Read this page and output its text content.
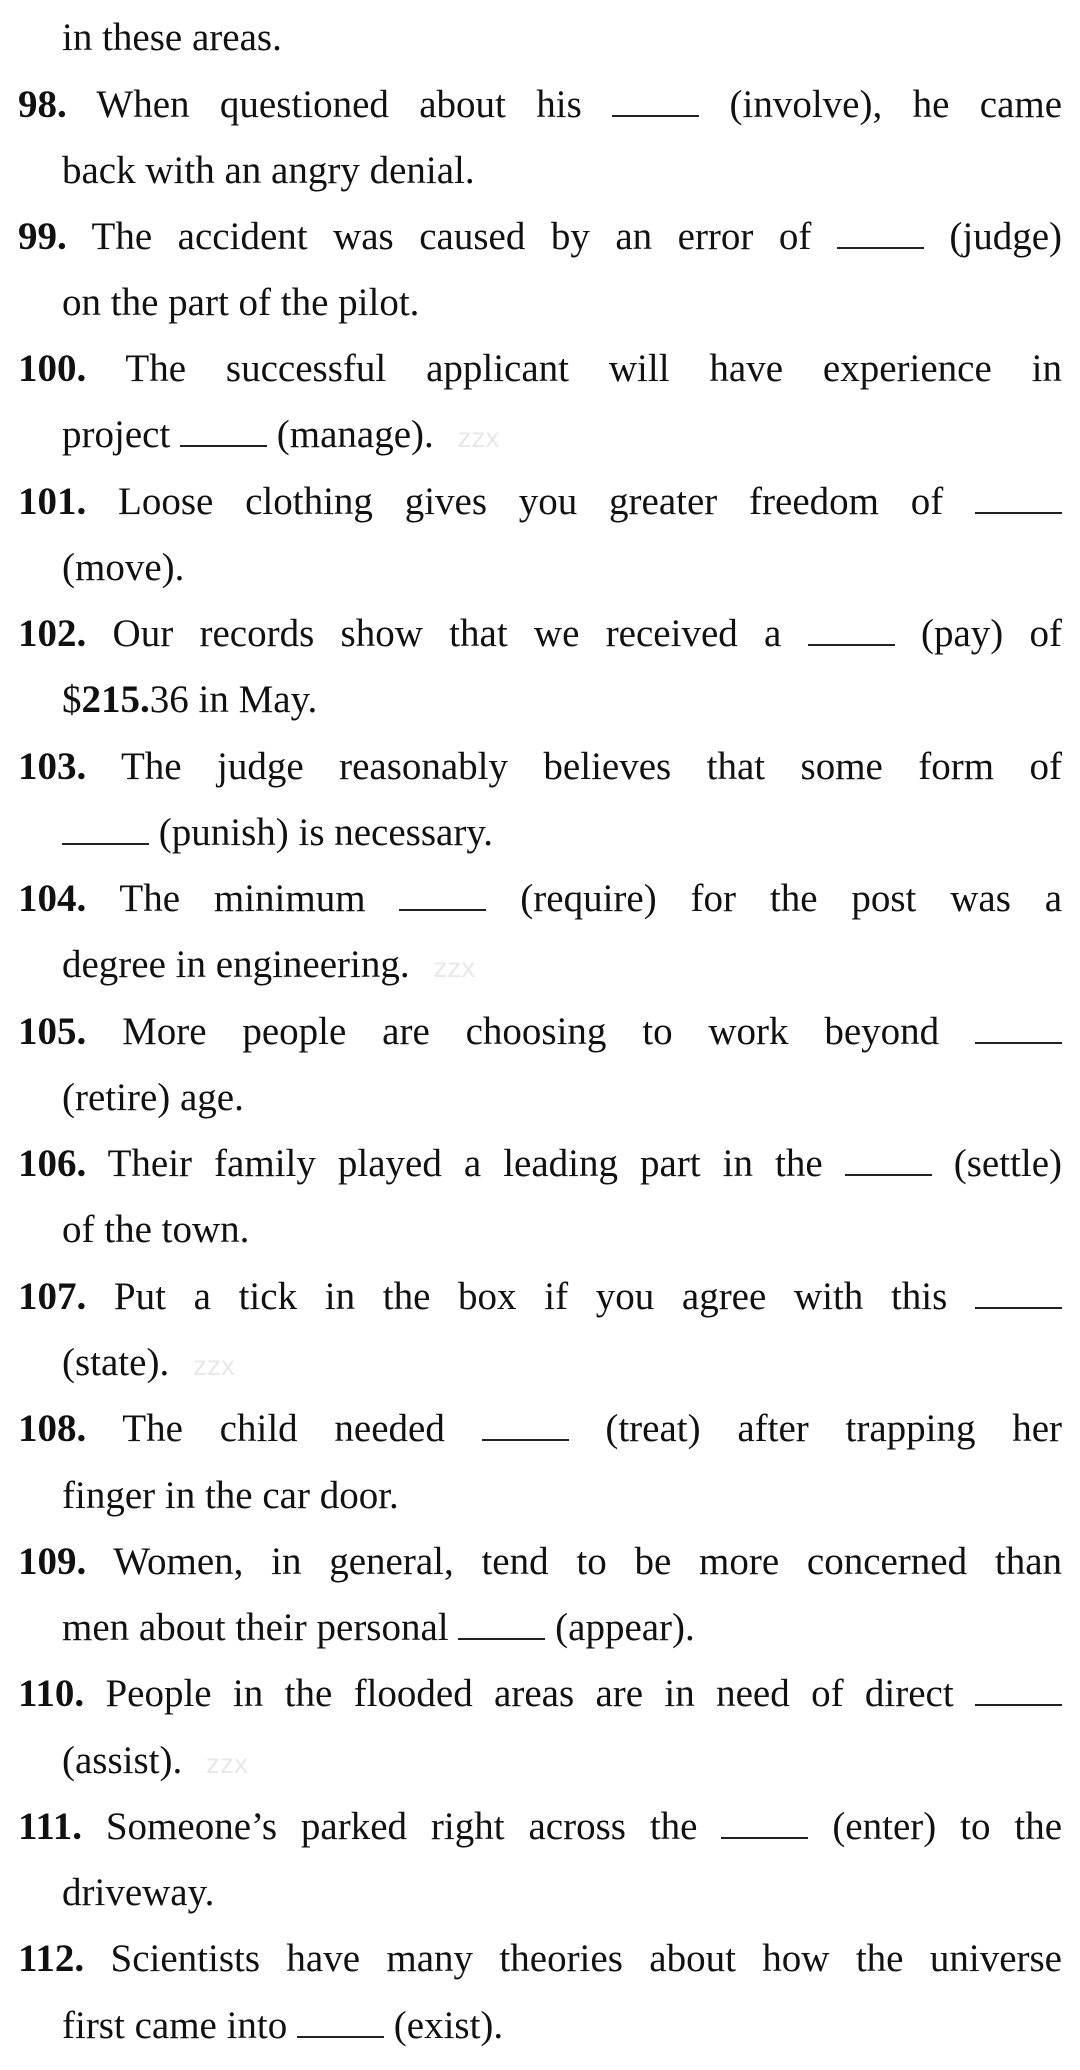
in these areas.
98. When questioned about his	(involve), he came
back with an angry denial.
99. The accident was caused by an error of	(judge)
on the part of the pilot.
100. The successful applicant will have experience in
project	(manage). zzx
101. Loose clothing gives you greater freedom of
(move).
102. Our records show that we received a	(pay) of
$215.36 in May.
103. The judge reasonably believes that some form of
(punish) is necessary.
104. The minimum	(require) for the post was a
degree in engineering. zzx
105. More people are choosing to work beyond
(retire) age.
106. Their family played a leading part in the	(settle)
of the town.
107. Put a tick in the box if you agree with this
(state). zzx
108. The child needed	(treat) after trapping her
finger in the car door.
109. Women, in general, tend to be more concerned than
men about their personal	(appear).
110. People in the flooded areas are in need of direct
(assist). zzx
111. Someone’s parked right across the	(enter) to the
driveway.
112. Scientists have many theories about how the universe
first came into	(exist).
